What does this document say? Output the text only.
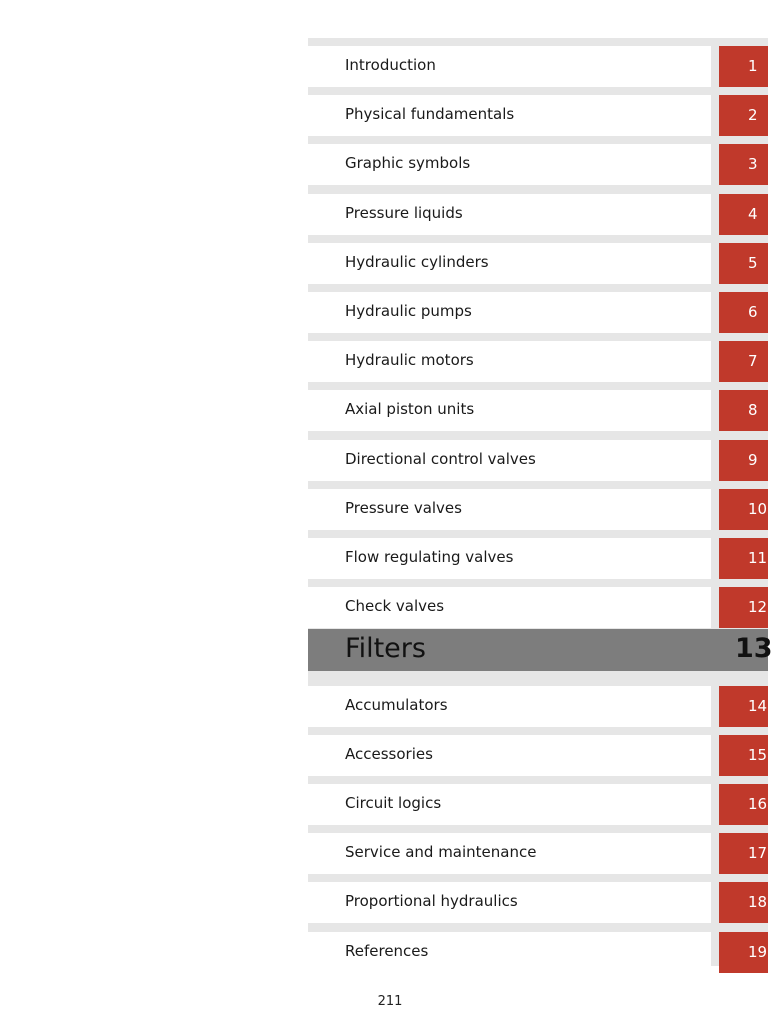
Introduction	1
Physical fundamentals	2
Graphic symbols	3
Pressure liquids	4
Hydraulic cylinders	5
Hydraulic pumps	6
Hydraulic motors	7
Axial piston units	8
Directional control valves	9
Pressure valves	10
Flow regulating valves	11
Check valves	12
Filters	13
Accumulators	14
Accessories	15
Circuit logics	16
Service and maintenance	17
Proportional hydraulics	18
References	19
211
